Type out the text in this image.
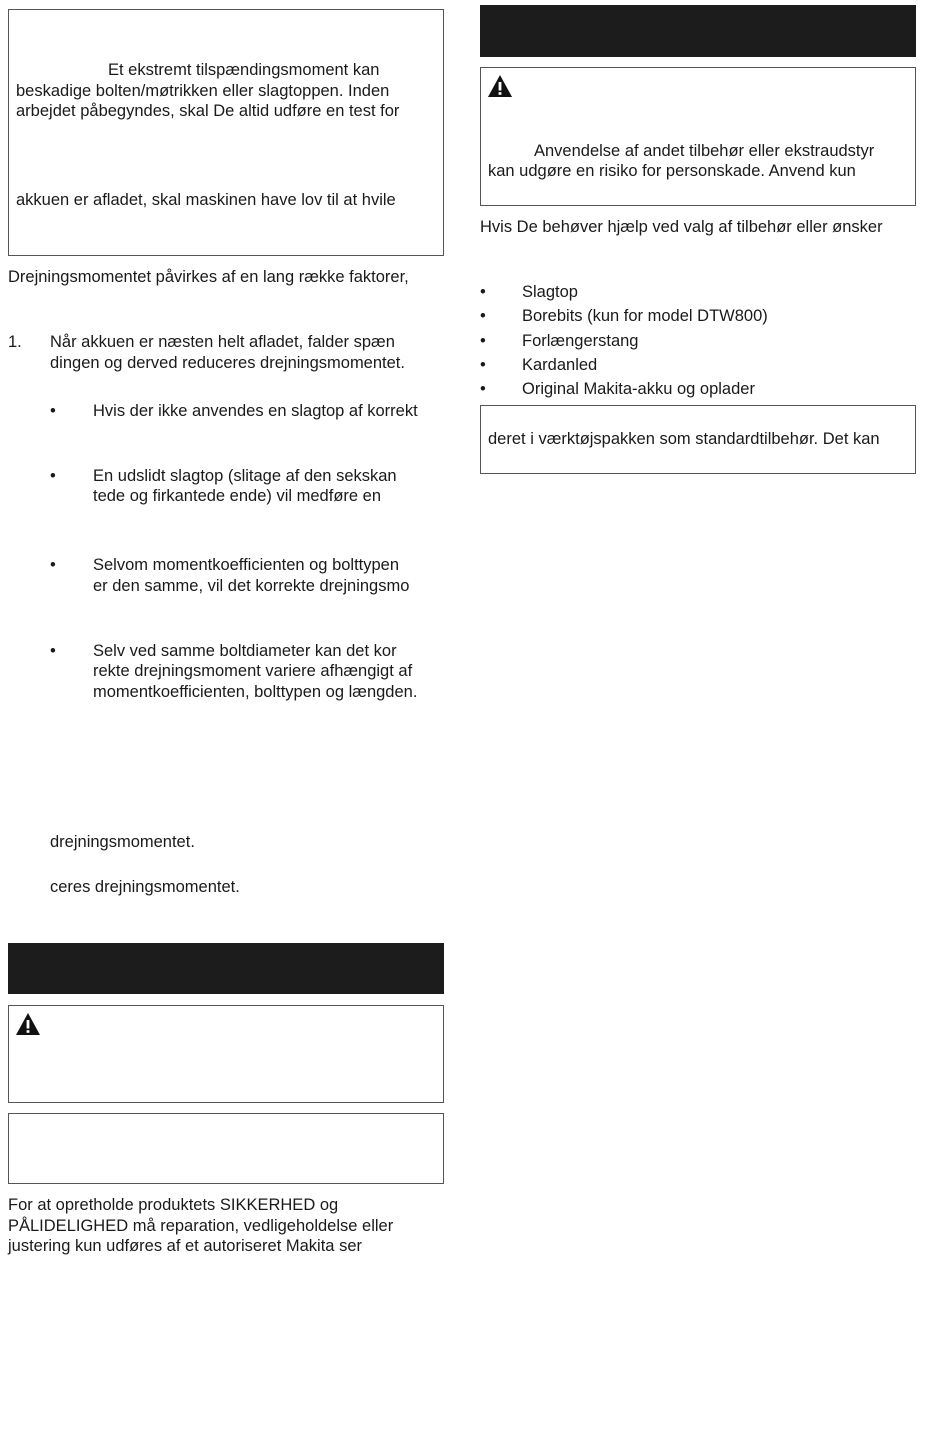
Et ekstremt tilspændingsmoment kan
beskadige bolten/møtrikken eller slagtoppen. Inden
arbejdet påbegyndes, skal De altid udføre en test for
akkuen er afladet, skal maskinen have lov til at hvile
Drejningsmomentet påvirkes af en lang række faktorer,
1. Når akkuen er næsten helt afladet, falder spæn
dingen og derved reduceres drejningsmomentet.
• Hvis der ikke anvendes en slagtop af korrekt
• En udslidt slagtop (slitage af den sekskan
tede og firkantede ende) vil medføre en
• Selvom momentkoefficienten og bolttypen
er den samme, vil det korrekte drejningsmo
• Selv ved samme boltdiameter kan det kor
rekte drejningsmoment variere afhængigt af
momentkoefficienten, bolttypen og længden.
drejningsmomentet.
ceres drejningsmomentet.
For at opretholde produktets SIKKERHED og
PÅLIDELIGHED må reparation, vedligeholdelse eller
justering kun udføres af et autoriseret Makita ser
Anvendelse af andet tilbehør eller ekstraudstyr
kan udgøre en risiko for personskade. Anvend kun
Hvis De behøver hjælp ved valg af tilbehør eller ønsker
• Slagtop
• Borebits (kun for model DTW800)
• Forlængerstang
• Kardanled
• Original Makita-akku og oplader
deret i værktøjspakken som standardtilbehør. Det kan
